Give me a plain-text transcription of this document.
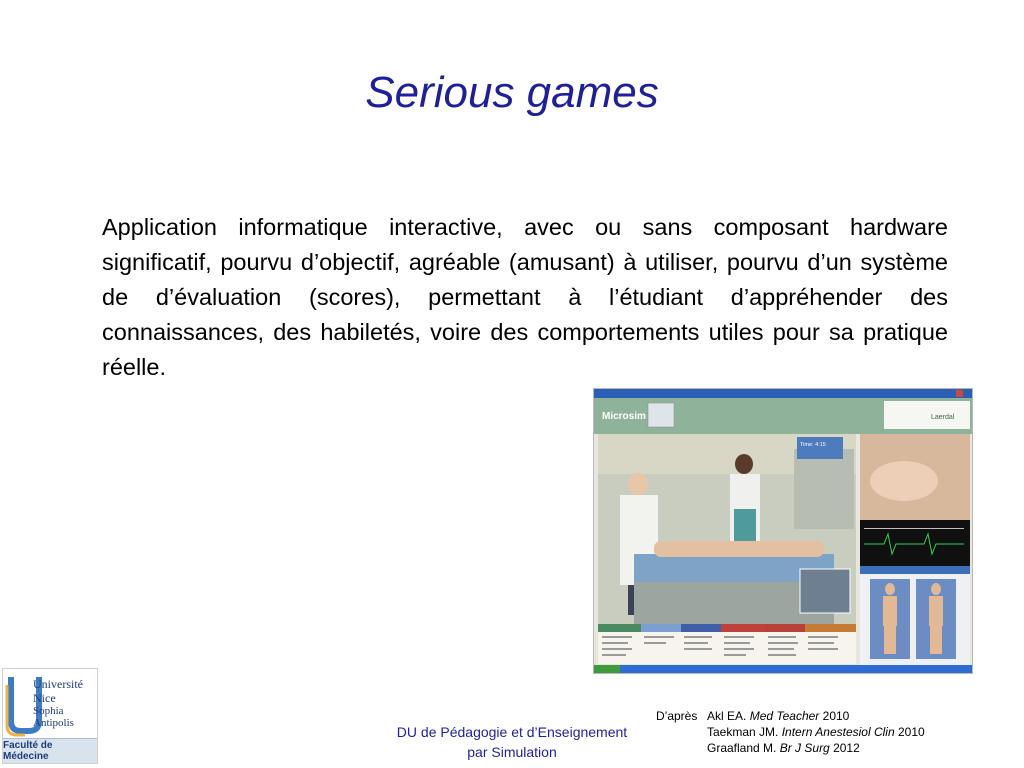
Serious games
Application informatique interactive, avec ou sans composant hardware significatif, pourvu d’objectif, agréable (amusant) à utiliser, pourvu d’un système de d’évaluation (scores), permettant à l’étudiant d’appréhender des connaissances, des habiletés, voire des comportements utiles pour sa pratique réelle.
Microsim	Laerdal
Time: 4:15
DU de Pédagogie et d’Enseignement
par Simulation
D’après Akl EA. Med Teacher 2010
Taekman JM. Intern Anestesiol Clin 2010
Graafland M. Br J Surg 2012
Université
Nice
Sophia Antipolis
Faculté de Médecine
